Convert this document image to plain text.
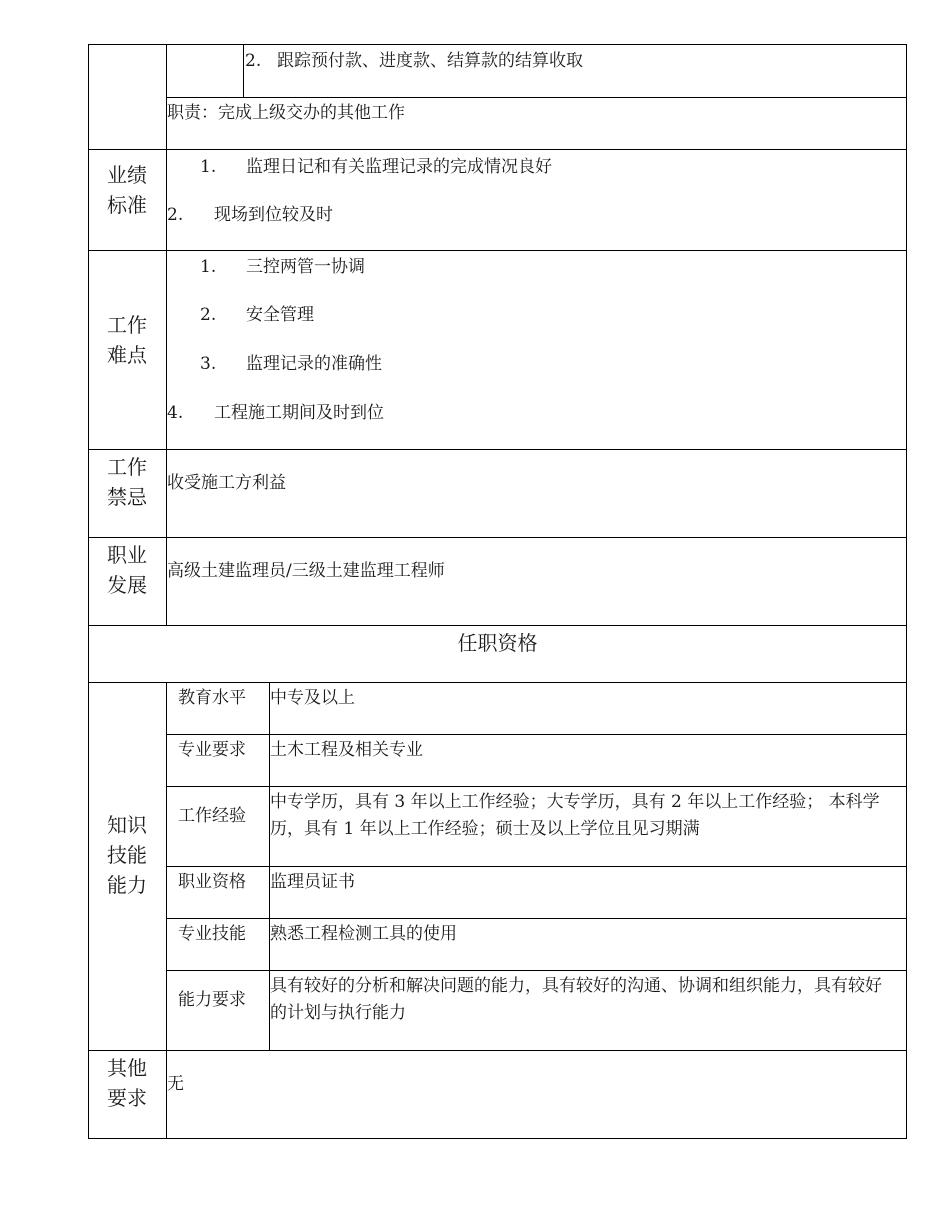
2. 跟踪预付款、进度款、结算款的结算收取
职责：完成上级交办的其他工作
业绩
标准
1. 监理日记和有关监理记录的完成情况良好
2. 现场到位较及时
工作
难点
1. 三控两管一协调
2. 安全管理
3. 监理记录的准确性
4. 工程施工期间及时到位
工作
禁忌
收受施工方利益
职业
发展
高级土建监理员/三级土建监理工程师
任职资格
知识
技能
能力
教育水平 中专及以上
专业要求 土木工程及相关专业
工作经验
中专学历，具有 3 年以上工作经验；大专学历，具有 2 年以上工作经验； 本科学历，具有 1 年以上工作经验；硕士及以上学位且见习期满
职业资格 监理员证书
专业技能 熟悉工程检测工具的使用
能力要求
具有较好的分析和解决问题的能力，具有较好的沟通、协调和组织能力，具有较好的计划与执行能力
其他
要求
无
